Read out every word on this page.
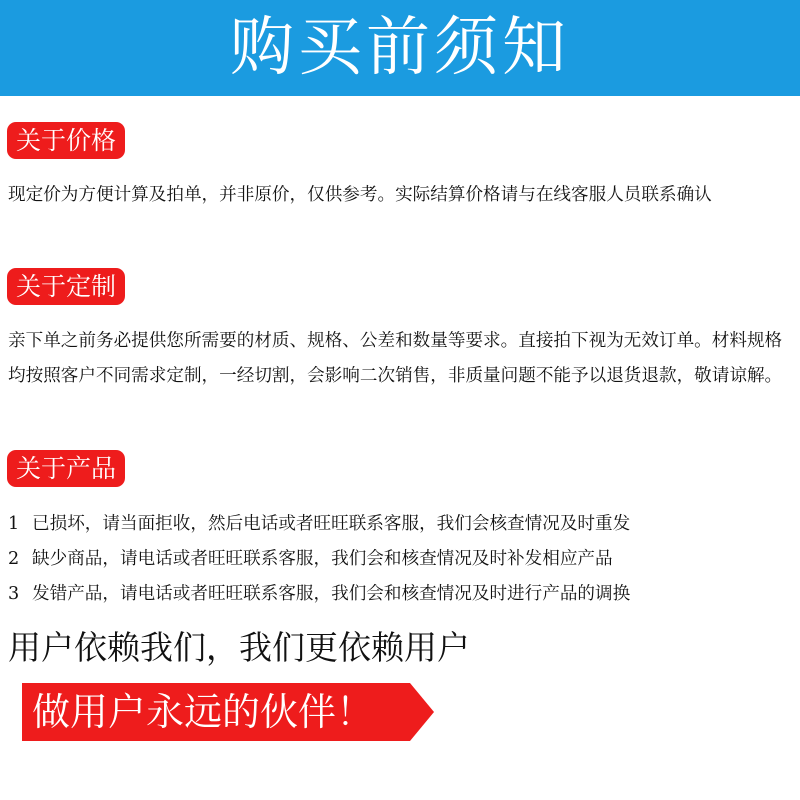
购买前须知
关于价格

现定价为方便计算及拍单，并非原价，仅供参考。实际结算价格请与在线客服人员联系确认

关于定制

亲下单之前务必提供您所需要的材质、规格、公差和数量等要求。直接拍下视为无效订单。材料规格均按照客户不同需求定制，一经切割，会影响二次销售，非质量问题不能予以退货退款，敬请谅解。

关于产品
1 已损坏，请当面拒收，然后电话或者旺旺联系客服，我们会核查情况及时重发
2 缺少商品，请电话或者旺旺联系客服，我们会和核查情况及时补发相应产品
3 发错产品，请电话或者旺旺联系客服，我们会和核查情况及时进行产品的调换
用户依赖我们，我们更依赖用户
做用户永远的伙伴！
